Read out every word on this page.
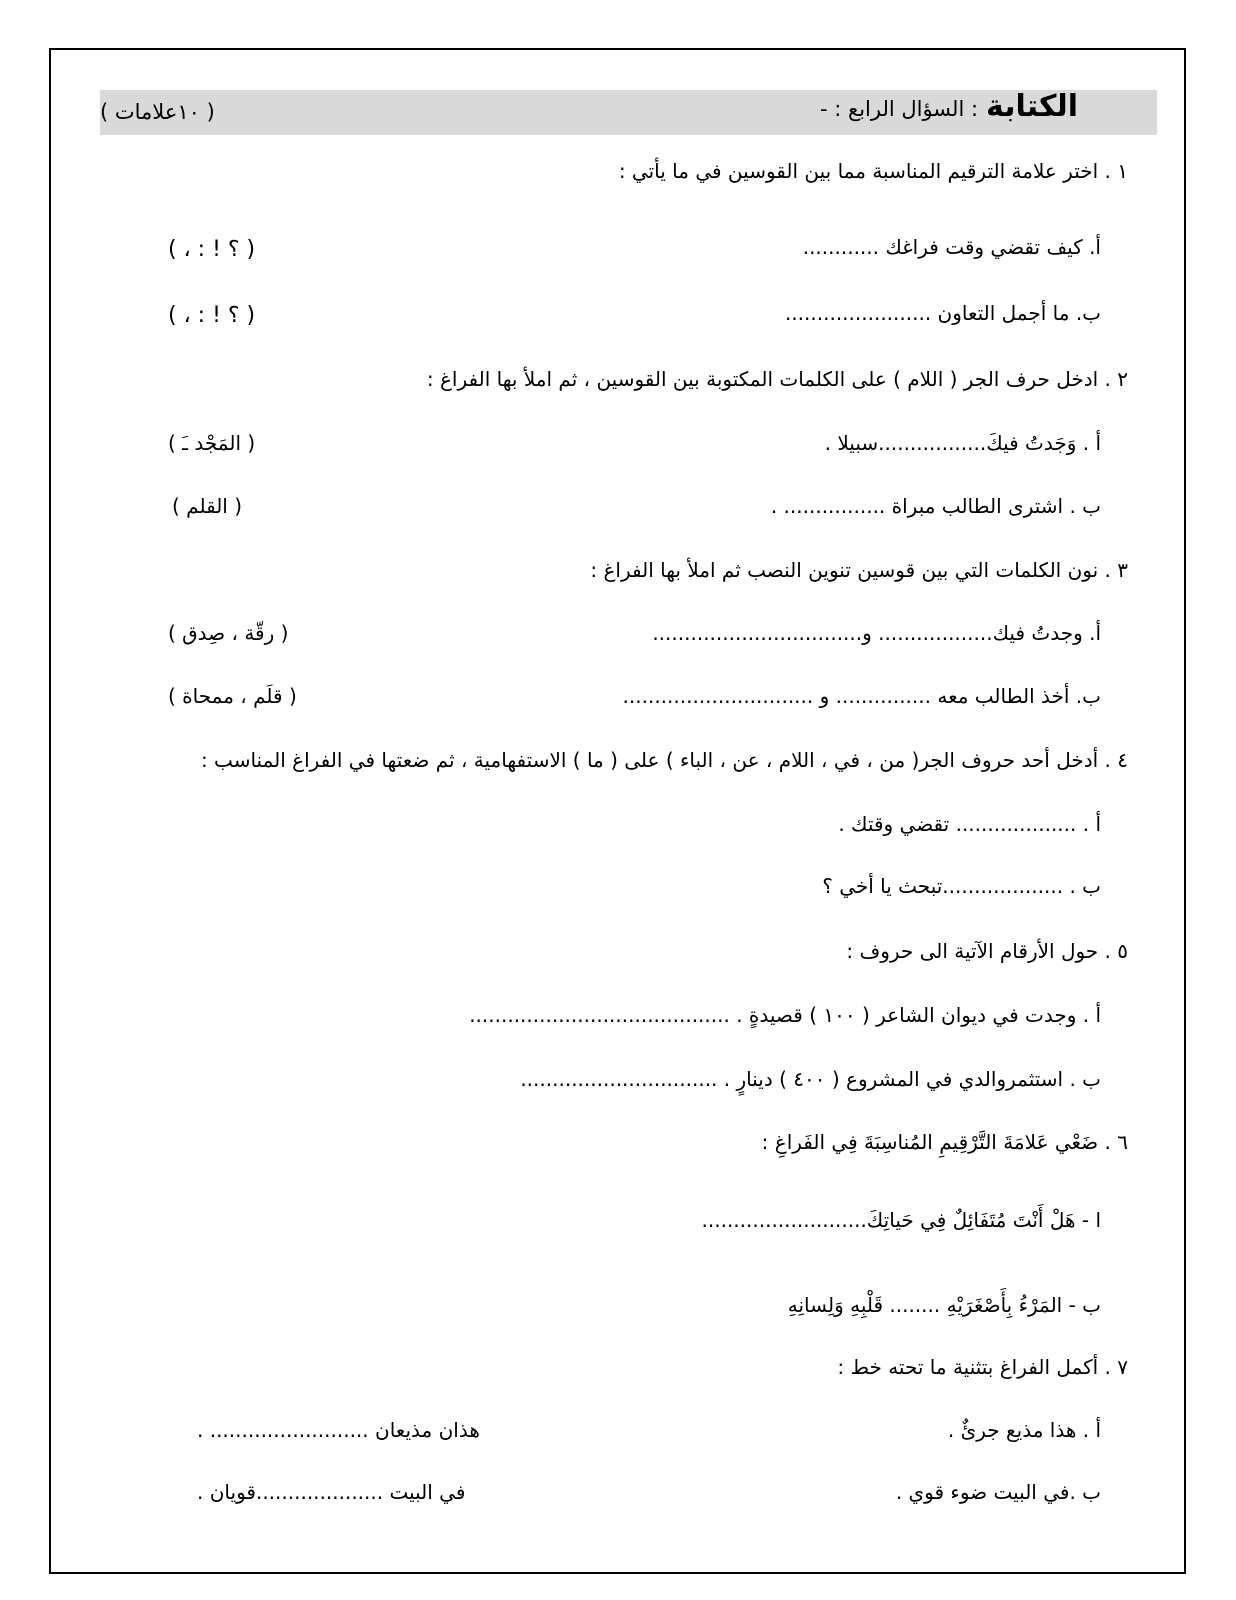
الكتابة: السؤال الرابع : -
( ١٠علامات )
١ . اختر علامة الترقيم المناسبة مما بين القوسين في ما يأتي :
أ. كيف تقضي وقت فراغك ............
( ؟ ! : ، )
ب. ما أجمل التعاون .......................
( ؟ ! : ، )
٢ . ادخل حرف الجر ( اللام ) على الكلمات المكتوبة بين القوسين ، ثم املأ بها الفراغ :
أ . وَجَدتُ فيكَ.................سبيلا .
( المَجْد ـَ )
ب . اشترى الطالب مبراة ................ .
( القلم )
٣ . نون الكلمات التي بين قوسين تنوين النصب ثم املأ بها الفراغ :
أ. وجدتُ فيك.................. و.................................
( رقّة ، صِدق )
ب. أخذ الطالب معه ............... و ..............................
( قلَم ، ممحاة )
٤ . أدخل أحد حروف الجر( من ، في ، اللام ، عن ، الباء ) على ( ما ) الاستفهامية ، ثم ضعتها في الفراغ المناسب :
أ . ................... تقضي وقتك .
ب . ...................تبحث يا أخي ؟
٥ . حول الأرقام الآتية الى حروف :
أ . وجدت في ديوان الشاعر ( ١٠٠ ) قصيدةٍ . .........................................
ب . استثمروالدي في المشروع ( ٤٠٠ ) دينارٍ . ...............................
٦ . ضَعْي عَلامَةَ التَّرْقِيمِ المُناسِبَةَ فِي الفَراغِ :
ا - هَلْ أَنْتَ مُتَفَائِلٌ فِي حَياتِكَ..........................
ب - المَرْءُ بِأَصْغَرَيْهِ ........ قَلْبِهِ وَلِسانِهِ
٧ . أكمل الفراغ بتثنية ما تحته خط :
أ . هذا مذيع جرئٌ .
هذان مذيعان ......................... .
ب .في البيت ضوء قوي .
في البيت ....................قويان .
